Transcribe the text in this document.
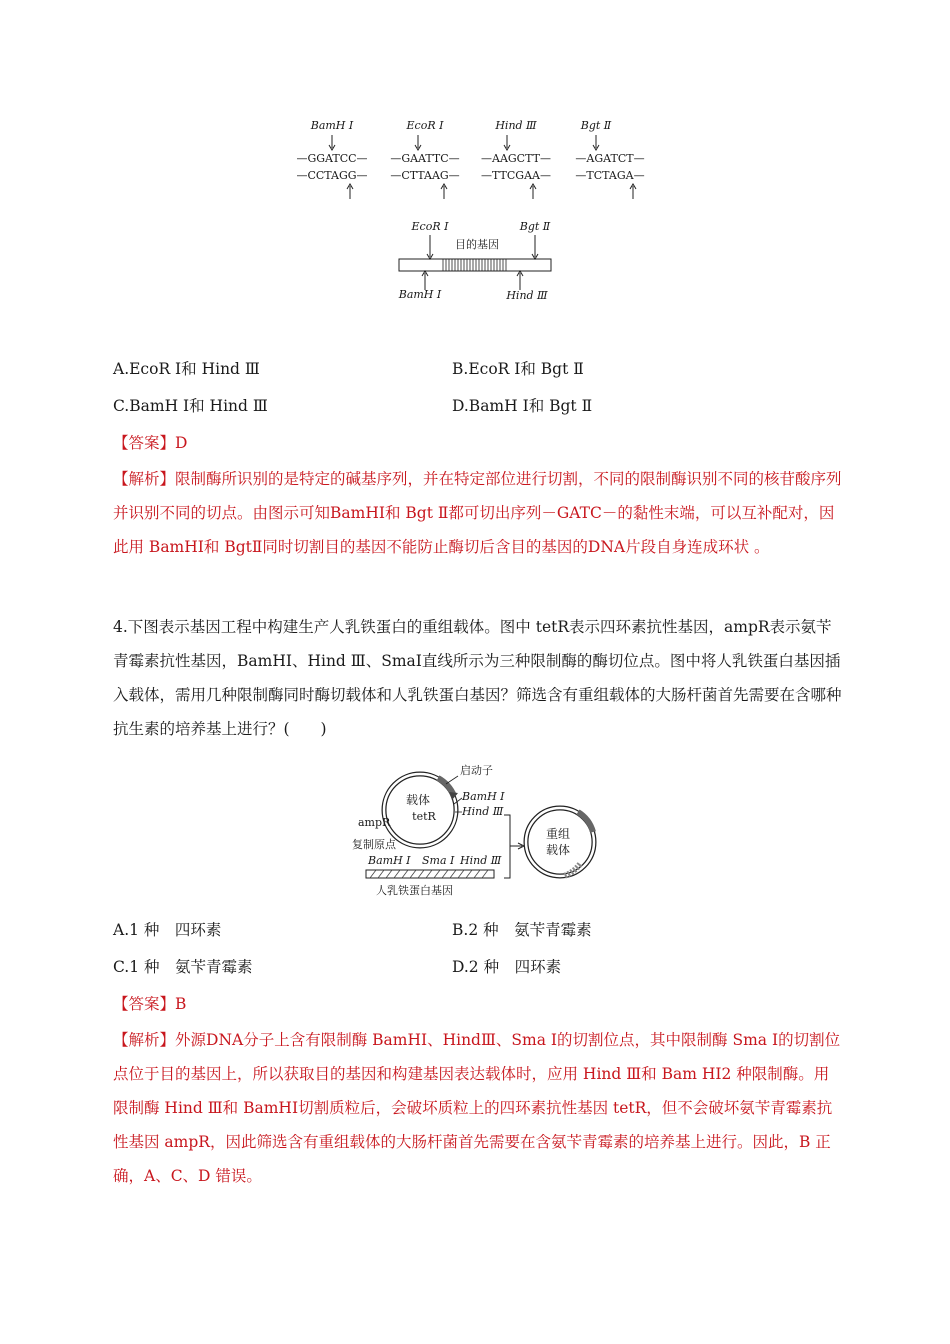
BamH Ⅰ
—GGATCC—
—CCTAGG—
EcoR Ⅰ
—GAATTC—
—CTTAAG—
Hind Ⅲ
—AAGCTT—
—TTCGAA—
Bgt Ⅱ
—AGATCT—
—TCTAGA—
EcoR Ⅰ	Bgt Ⅱ
目的基因
BamH Ⅰ	Hind Ⅲ
A.EcoR Ⅰ和 Hind Ⅲ	B.EcoR Ⅰ和 Bgt Ⅱ
C.BamH Ⅰ和 Hind Ⅲ	D.BamH Ⅰ和 Bgt Ⅱ
【答案】D
【解析】限制酶所识别的是特定的碱基序列，并在特定部位进行切割，不同的限制酶识别不同的核苷酸序列并识别不同的切点。由图示可知BamHⅠ和 Bgt Ⅱ都可切出序列－GATC－的黏性末端，可以互补配对，因此用 BamHⅠ和 BgtⅡ同时切割目的基因不能防止酶切后含目的基因的DNA片段自身连成环状 。
4.下图表示基因工程中构建生产人乳铁蛋白的重组载体。图中 tetR表示四环素抗性基因，ampR表示氨苄青霉素抗性基因，BamHⅠ、Hind Ⅲ、SmaⅠ直线所示为三种限制酶的酶切位点。图中将人乳铁蛋白基因插入载体，需用几种限制酶同时酶切载体和人乳铁蛋白基因？筛选含有重组载体的大肠杆菌首先需要在含哪种抗生素的培养基上进行？(　　)
启动子
载体
tetR
ampR
复制原点
BamH Ⅰ
Hind Ⅲ
BamH Ⅰ Sma Ⅰ Hind Ⅲ
人乳铁蛋白基因
重组
载体
A.1 种　四环素	B.2 种　氨苄青霉素
C.1 种　氨苄青霉素	D.2 种　四环素
【答案】B
【解析】外源DNA分子上含有限制酶 BamHⅠ、HindⅢ、Sma Ⅰ的切割位点，其中限制酶 Sma Ⅰ的切割位点位于目的基因上，所以获取目的基因和构建基因表达载体时，应用 Hind Ⅲ和 Bam HⅠ2 种限制酶。用限制酶 Hind Ⅲ和 BamHⅠ切割质粒后，会破坏质粒上的四环素抗性基因 tetR，但不会破坏氨苄青霉素抗性基因 ampR，因此筛选含有重组载体的大肠杆菌首先需要在含氨苄青霉素的培养基上进行。因此，B 正确，A、C、D 错误。
